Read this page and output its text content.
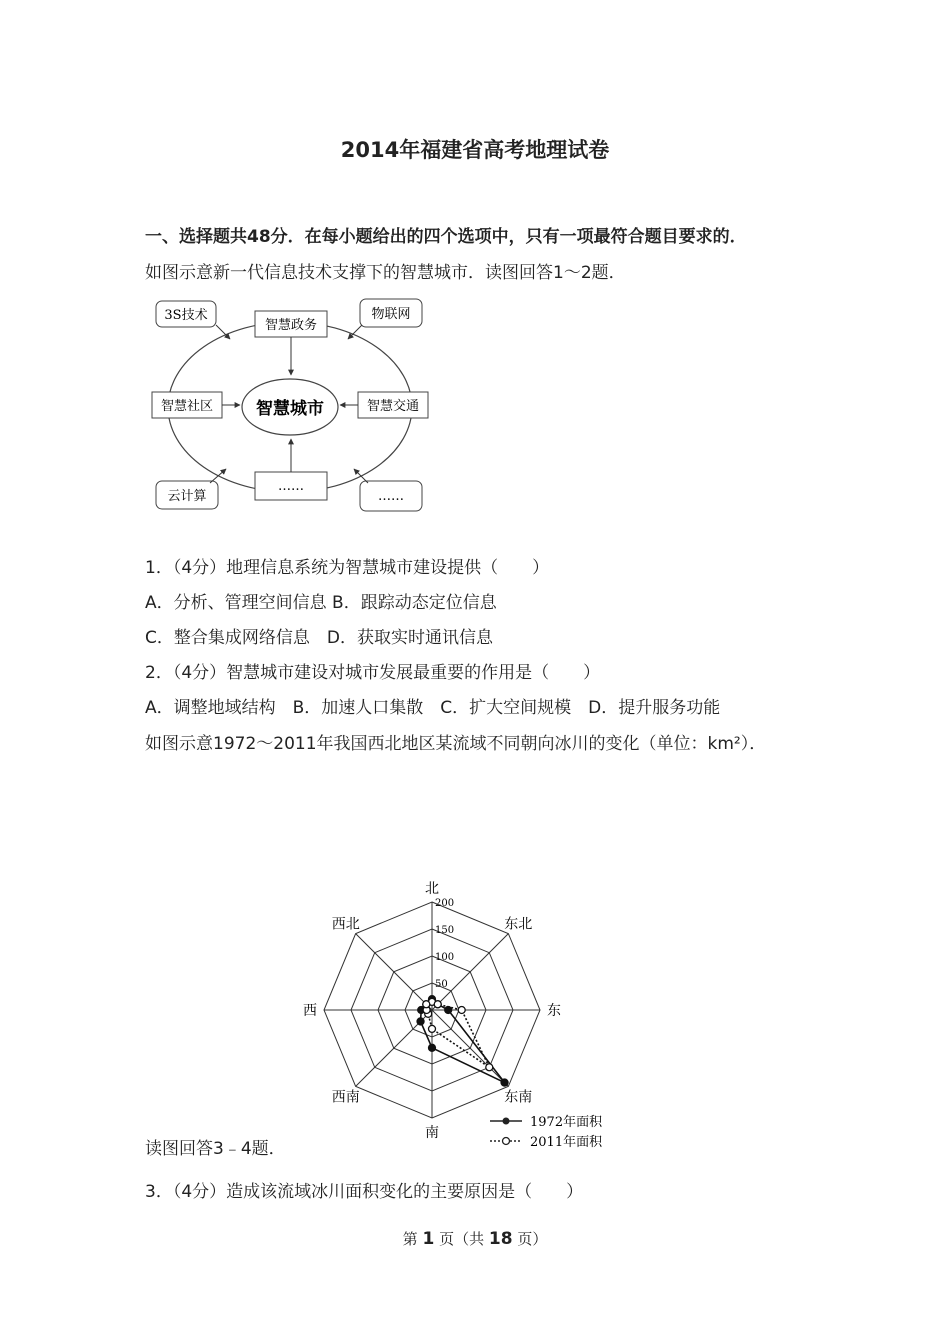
2014年福建省高考地理试卷
一、选择题共48分．在每小题给出的四个选项中，只有一项最符合题目要求的．
如图示意新一代信息技术支撑下的智慧城市．读图回答1～2题．
智慧城市
智慧政务
智慧社区	智慧交通
……
3S技术	物联网
云计算	……
1．（4分）地理信息系统为智慧城市建设提供（　　）
A．分析、管理空间信息 B．跟踪动态定位信息
C．整合集成网络信息　D．获取实时通讯信息
2．（4分）智慧城市建设对城市发展最重要的作用是（　　）
A．调整地域结构　B．加速人口集散　C．扩大空间规模　D．提升服务功能
如图示意1972～2011年我国西北地区某流域不同朝向冰川的变化（单位：km²）．
北
东北
东
东南
南
西南
西
西北
50
100
150
200
1972年面积
2011年面积
读图回答3﹣4题．
3．（4分）造成该流域冰川面积变化的主要原因是（　　）
第 1 页（共 18 页）
